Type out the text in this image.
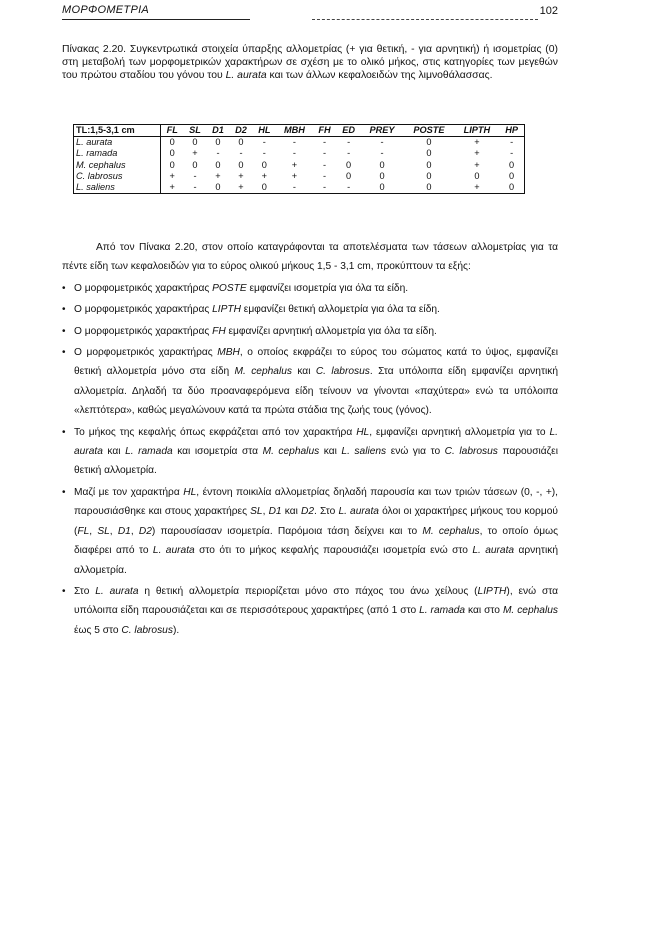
ΜΟΡΦΟΜΕΤΡΙΑ	102
Πίνακας 2.20. Συγκεντρωτικά στοιχεία ύπαρξης αλλομετρίας (+ για θετική, - για αρνητική) ή ισομετρίας (0) στη μεταβολή των μορφομετρικών χαρακτήρων σε σχέση με το ολικό μήκος, στις κατηγορίες των μεγεθών του πρώτου σταδίου του γόνου του L. aurata και των άλλων κεφαλοειδών της λιμνοθάλασσας.
TL:1,5-3,1 cm	FL	SL	D1	D2	HL	MBH	FH	ED	PREY	POSTE	LIPTH	HP
L. aurata	0	0	0	0	-	-	-	-	-	0	+	-
L. ramada	0	+	-	-	-	-	-	-	-	0	+	-
M. cephalus	0	0	0	0	0	+	-	0	0	0	+	0
C. labrosus	+	-	+	+	+	+	-	0	0	0	0	0
L. saliens	+	-	0	+	0	-	-	-	0	0	+	0

Από τον Πίνακα 2.20, στον οποίο καταγράφονται τα αποτελέσματα των τάσεων αλλομετρίας για τα πέντε είδη των κεφαλοειδών για το εύρος ολικού μήκους 1,5 - 3,1 cm, προκύπτουν τα εξής:

• Ο μορφομετρικός χαρακτήρας POSTE εμφανίζει ισομετρία για όλα τα είδη.
• Ο μορφομετρικός χαρακτήρας LIPTH εμφανίζει θετική αλλομετρία για όλα τα είδη.
• Ο μορφομετρικός χαρακτήρας FH εμφανίζει αρνητική αλλομετρία για όλα τα είδη.
• Ο μορφομετρικός χαρακτήρας MBH, ο οποίος εκφράζει το εύρος του σώματος κατά το ύψος, εμφανίζει θετική αλλομετρία μόνο στα είδη M. cephalus και C. labrosus. Στα υπόλοιπα είδη εμφανίζει αρνητική αλλομετρία. Δηλαδή τα δύο προαναφερόμενα είδη τείνουν να γίνονται «παχύτερα» ενώ τα υπόλοιπα «λεπτότερα», καθώς μεγαλώνουν κατά τα πρώτα στάδια της ζωής τους (γόνος).
• Το μήκος της κεφαλής όπως εκφράζεται από τον χαρακτήρα HL, εμφανίζει αρνητική αλλομετρία για το L. aurata και L. ramada και ισομετρία στα M. cephalus και L. saliens ενώ για το C. labrosus παρουσιάζει θετική αλλομετρία.
• Μαζί με τον χαρακτήρα HL, έντονη ποικιλία αλλομετρίας δηλαδή παρουσία και των τριών τάσεων (0, -, +), παρουσιάσθηκε και στους χαρακτήρες SL, D1 και D2. Στο L. aurata όλοι οι χαρακτήρες μήκους του κορμού (FL, SL, D1, D2) παρουσίασαν ισομετρία. Παρόμοια τάση δείχνει και το M. cephalus, το οποίο όμως διαφέρει από το L. aurata στο ότι το μήκος κεφαλής παρουσιάζει ισομετρία ενώ στο L. aurata αρνητική αλλομετρία.
• Στο L. aurata η θετική αλλομετρία περιορίζεται μόνο στο πάχος του άνω χείλους (LIPTH), ενώ στα υπόλοιπα είδη παρουσιάζεται και σε περισσότερους χαρακτήρες (από 1 στο L. ramada και στο M. cephalus έως 5 στο C. labrosus).
